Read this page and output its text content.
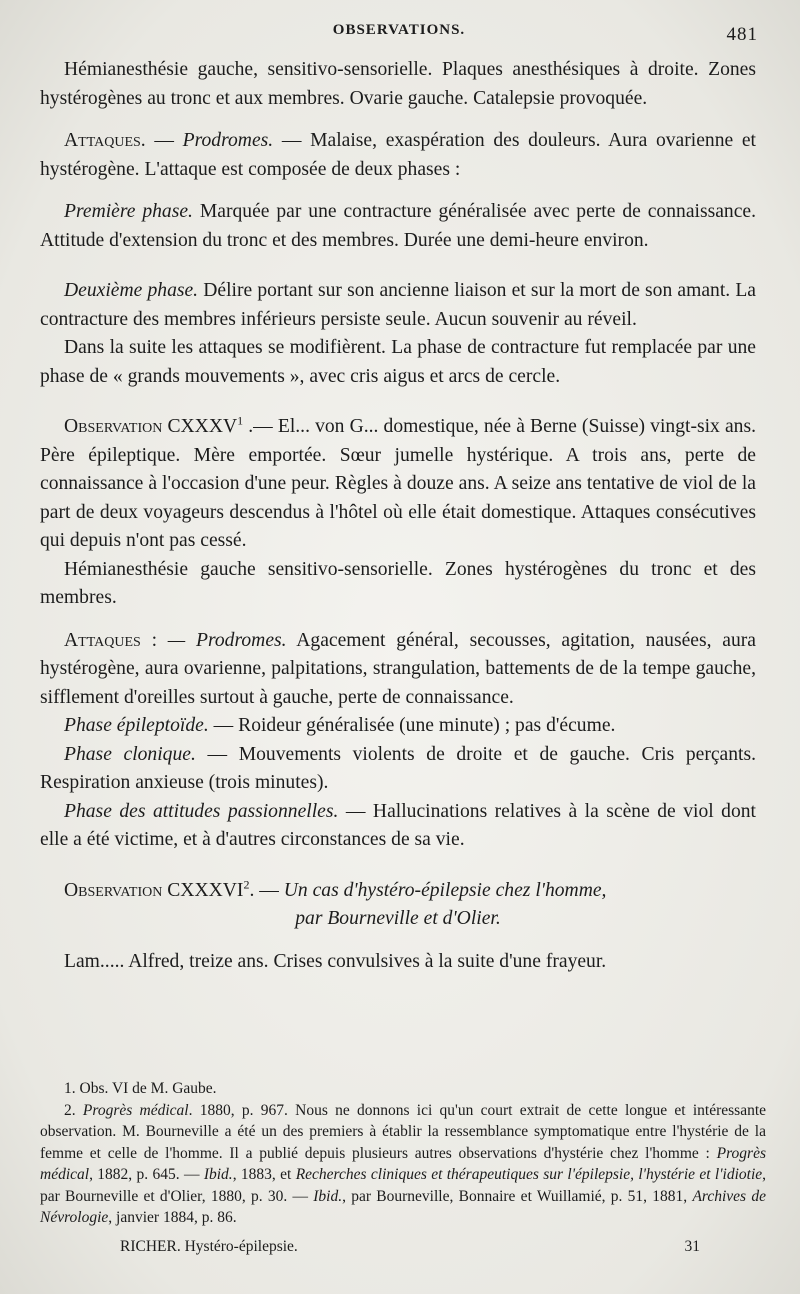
OBSERVATIONS.	481

Hémianesthésie gauche, sensitivo-sensorielle. Plaques anesthésiques à droite. Zones hystérogènes au tronc et aux membres. Ovarie gauche. Catalepsie provoquée.

Attaques. — Prodromes. — Malaise, exaspération des douleurs. Aura ovarienne et hystérogène. L'attaque est composée de deux phases :

Première phase. Marquée par une contracture généralisée avec perte de connaissance. Attitude d'extension du tronc et des membres. Durée une demi-heure environ.

Deuxième phase. Délire portant sur son ancienne liaison et sur la mort de son amant. La contracture des membres inférieurs persiste seule. Aucun souvenir au réveil.

Dans la suite les attaques se modifièrent. La phase de contracture fut remplacée par une phase de « grands mouvements », avec cris aigus et arcs de cercle.

Observation CXXXV$^1$ .— El... von G... domestique, née à Berne (Suisse) vingt-six ans. Père épileptique. Mère emportée. Sœur jumelle hystérique. A trois ans, perte de connaissance à l'occasion d'une peur. Règles à douze ans. A seize ans tentative de viol de la part de deux voyageurs descendus à l'hôtel où elle était domestique. Attaques consécutives qui depuis n'ont pas cessé.

Hémianesthésie gauche sensitivo-sensorielle. Zones hystérogènes du tronc et des membres.

Attaques : — Prodromes. Agacement général, secousses, agitation, nausées, aura hystérogène, aura ovarienne, palpitations, strangulation, battements de de la tempe gauche, sifflement d'oreilles surtout à gauche, perte de connaissance.

Phase épileptoïde. — Roideur généralisée (une minute) ; pas d'écume.

Phase clonique. — Mouvements violents de droite et de gauche. Cris perçants. Respiration anxieuse (trois minutes).

Phase des attitudes passionnelles. — Hallucinations relatives à la scène de viol dont elle a été victime, et à d'autres circonstances de sa vie.

Observation CXXXVI$^2$. — Un cas d'hystéro-épilepsie chez l'homme,

par Bourneville et d'Olier.

Lam..... Alfred, treize ans. Crises convulsives à la suite d'une frayeur.

1. Obs. VI de M. Gaube.

2. Progrès médical. 1880, p. 967. Nous ne donnons ici qu'un court extrait de cette longue et intéressante observation. M. Bourneville a été un des premiers à établir la ressemblance symptomatique entre l'hystérie de la femme et celle de l'homme. Il a publié depuis plusieurs autres observations d'hystérie chez l'homme : Progrès médical, 1882, p. 645. — Ibid., 1883, et Recherches cliniques et thérapeutiques sur l'épilepsie, l'hystérie et l'idiotie, par Bourneville et d'Olier, 1880, p. 30. — Ibid., par Bourneville, Bonnaire et Wuillamié, p. 51, 1881, Archives de Névrologie, janvier 1884, p. 86.

RICHER. Hystéro-épilepsie.	31
